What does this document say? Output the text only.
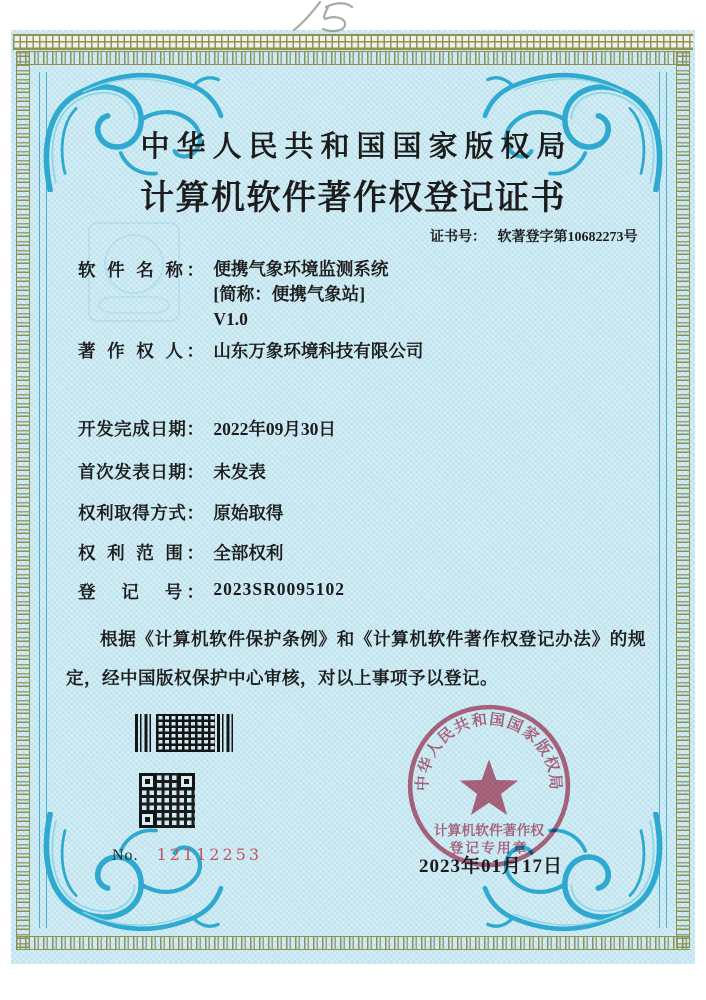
中华人民共和国国家版权局
计算机软件著作权登记证书
证书号： 软著登字第10682273号
软 件 名 称： 便携气象环境监测系统
[简称：便携气象站]
V1.0
著 作 权 人： 山东万象环境科技有限公司
开发完成日期： 2022年09月30日
首次发表日期： 未发表
权利取得方式： 原始取得
权 利 范 围： 全部权利
登　记　号： 2023SR0095102
根据《计算机软件保护条例》和《计算机软件著作权登记办法》的规定，经中国版权保护中心审核，对以上事项予以登记。
No. 12112253
中华人民共和国国家版权局
计算机软件著作权
登记专用章
2023年01月17日
